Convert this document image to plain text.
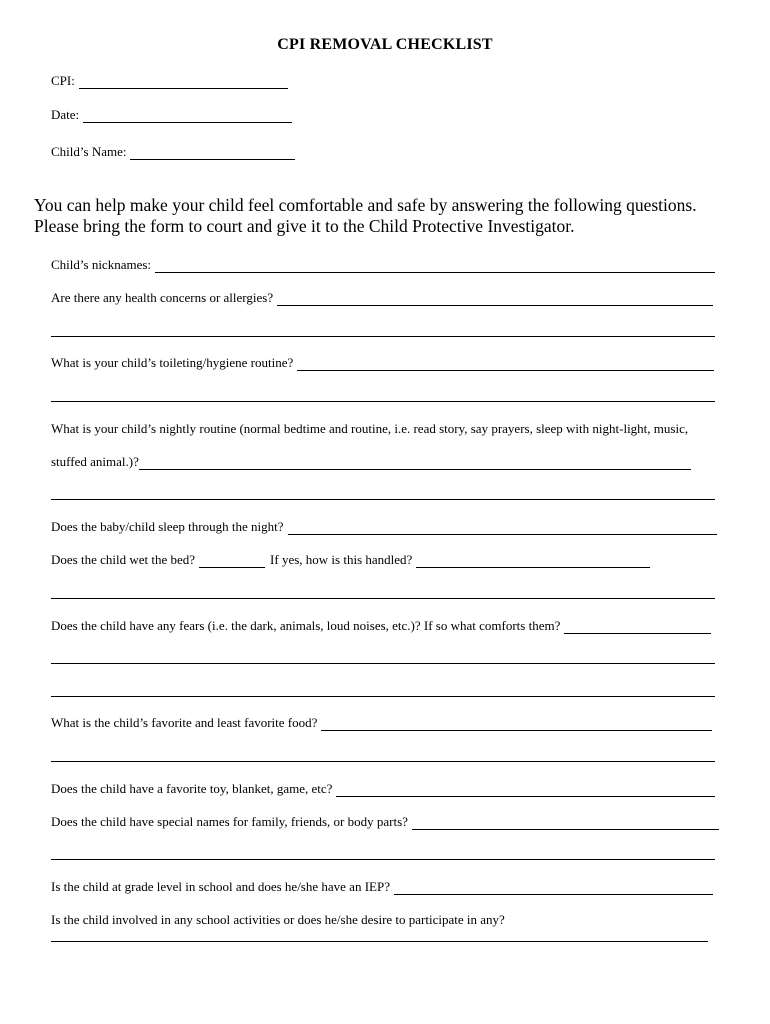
CPI REMOVAL CHECKLIST
CPI:
Date:
Child’s Name:
You can help make your child feel comfortable and safe by answering the following questions.
Please bring the form to court and give it to the Child Protective Investigator.
Child’s nicknames:
Are there any health concerns or allergies?
What is your child’s toileting/hygiene routine?
What is your child’s nightly routine (normal bedtime and routine, i.e. read story, say prayers, sleep with night-light, music,
stuffed animal.)?
Does the baby/child sleep through the night?
Does the child wet the bed?	If yes, how is this handled?
Does the child have any fears (i.e. the dark, animals, loud noises, etc.)? If so what comforts them?
What is the child’s favorite and least favorite food?
Does the child have a favorite toy, blanket, game, etc?
Does the child have special names for family, friends, or body parts?
Is the child at grade level in school and does he/she have an IEP?
Is the child involved in any school activities or does he/she desire to participate in any?
